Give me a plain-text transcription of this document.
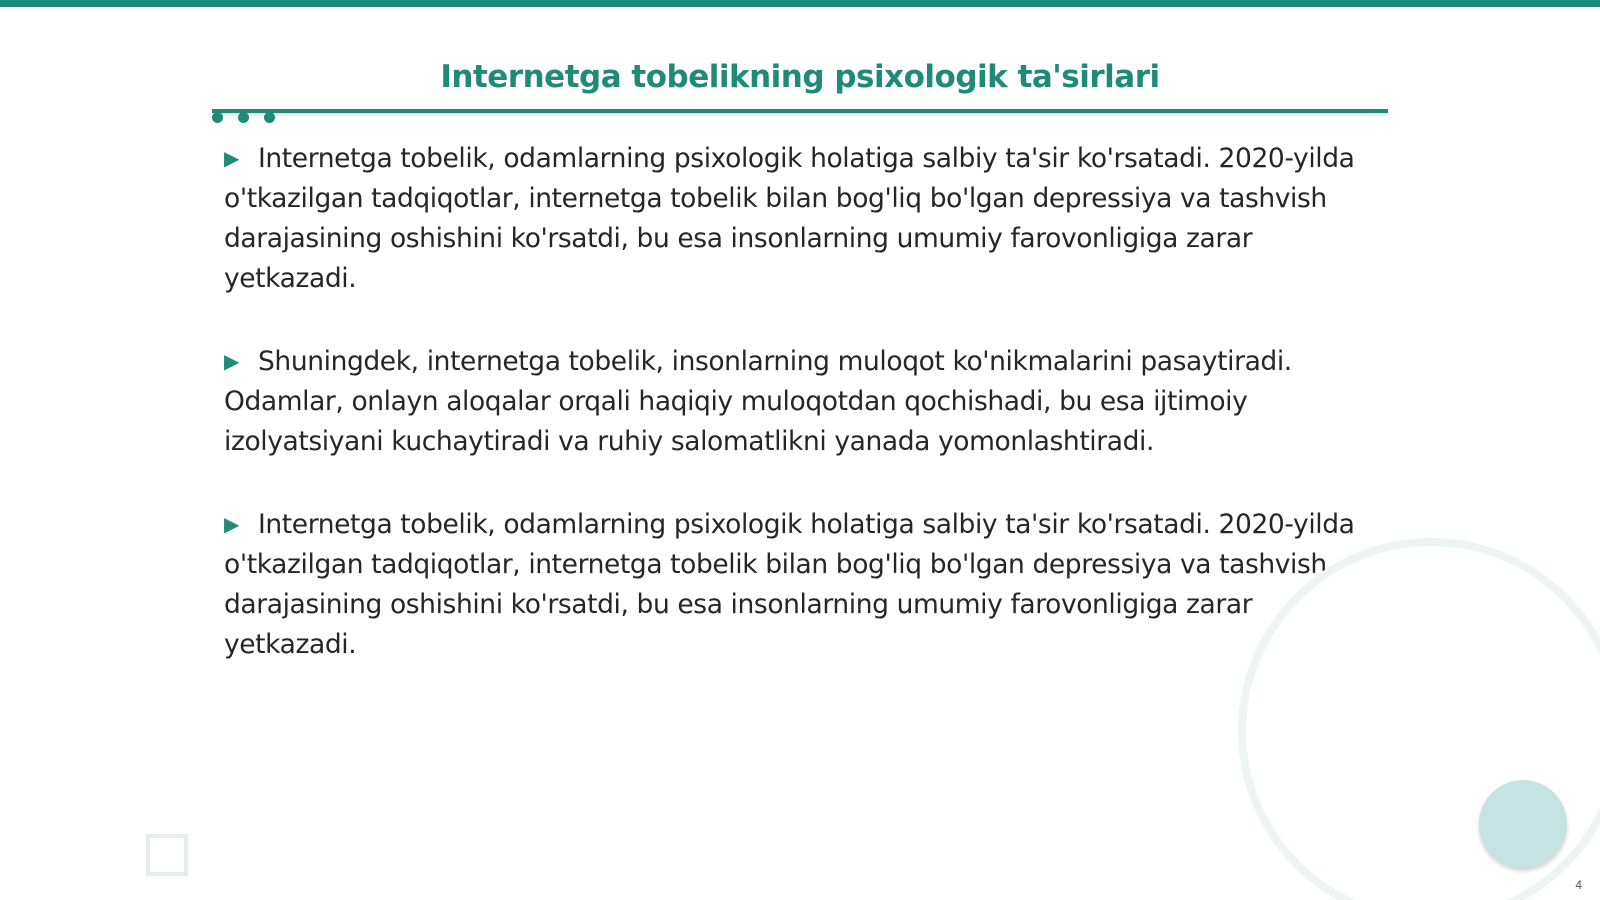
Internetga tobelikning psixologik ta'sirlari

▶ Internetga tobelik, odamlarning psixologik holatiga salbiy ta'sir ko'rsatadi. 2020-yilda o'tkazilgan tadqiqotlar, internetga tobelik bilan bog'liq bo'lgan depressiya va tashvish darajasining oshishini ko'rsatdi, bu esa insonlarning umumiy farovonligiga zarar yetkazadi.

▶ Shuningdek, internetga tobelik, insonlarning muloqot ko'nikmalarini pasaytiradi. Odamlar, onlayn aloqalar orqali haqiqiy muloqotdan qochishadi, bu esa ijtimoiy izolyatsiyani kuchaytiradi va ruhiy salomatlikni yanada yomonlashtiradi.

▶ Internetga tobelik, odamlarning psixologik holatiga salbiy ta'sir ko'rsatadi. 2020-yilda o'tkazilgan tadqiqotlar, internetga tobelik bilan bog'liq bo'lgan depressiya va tashvish darajasining oshishini ko'rsatdi, bu esa insonlarning umumiy farovonligiga zarar yetkazadi.

4
